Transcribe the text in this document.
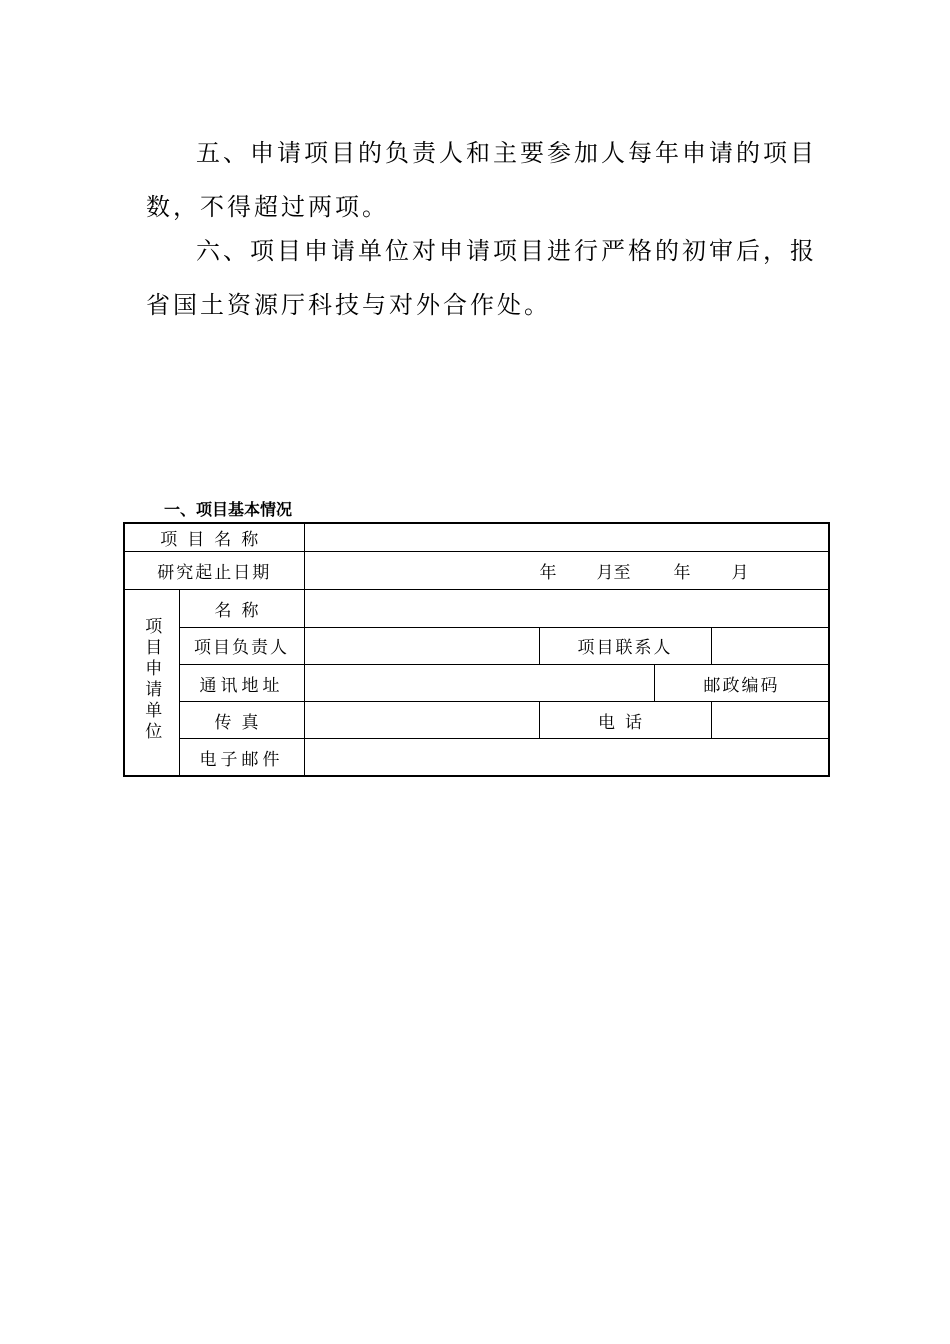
五、申请项目的负责人和主要参加人每年申请的项目
数，不得超过两项。
六、项目申请单位对申请项目进行严格的初审后，报
省国土资源厅科技与对外合作处。
一、项目基本情况
项目名称						
研究起止日期		年 月至 年 月				
项目申请单位	名称					
	项目负责人		项目联系人			
	通讯地址			邮政编码		
	传真		电话			
	电子邮件					
